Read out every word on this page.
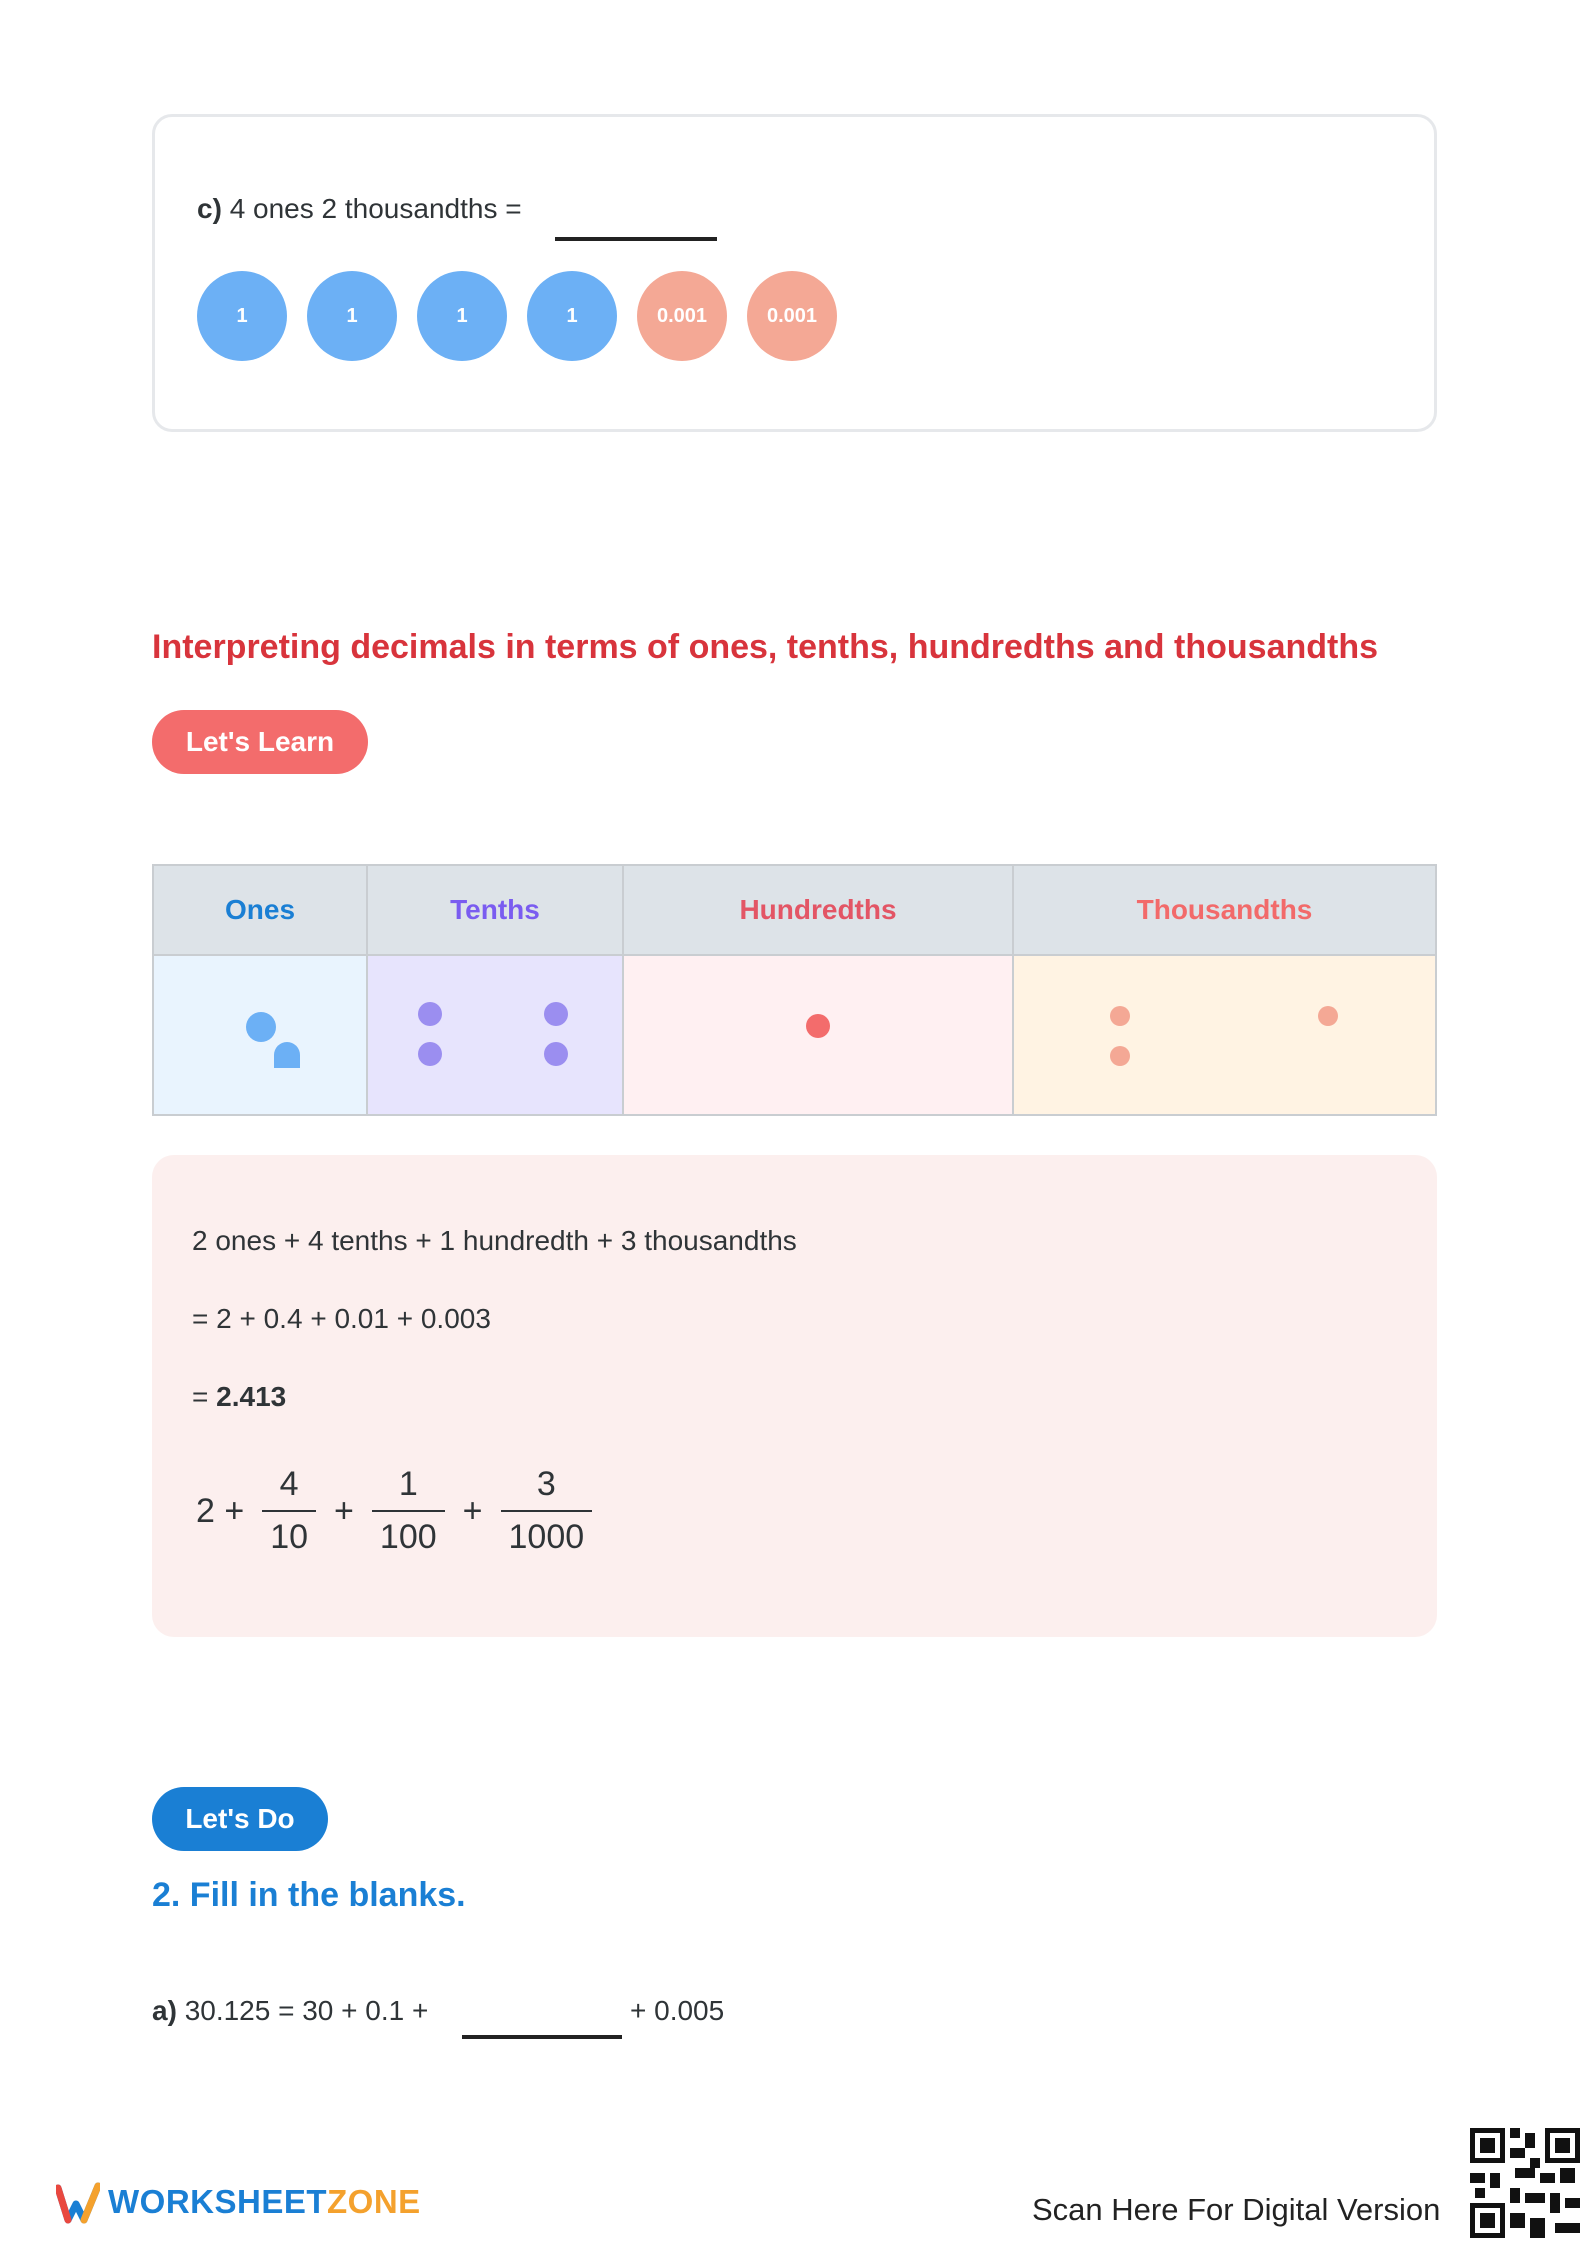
c) 4 ones 2 thousandths =
1	1	1	1	0.001	0.001
Interpreting decimals in terms of ones, tenths, hundredths and thousandths
Let's Learn
Ones	Tenths	Hundredths	Thousandths

2 ones + 4 tenths + 1 hundredth + 3 thousandths
= 2 + 0.4 + 0.01 + 0.003
= 2.413
$2 + \frac{4}{10} + \frac{1}{100} + \frac{3}{1000}$
Let's Do
2. Fill in the blanks.
a) 30.125 = 30 + 0.1 +	+ 0.005
WORKSHEETZONE	Scan Here For Digital Version
